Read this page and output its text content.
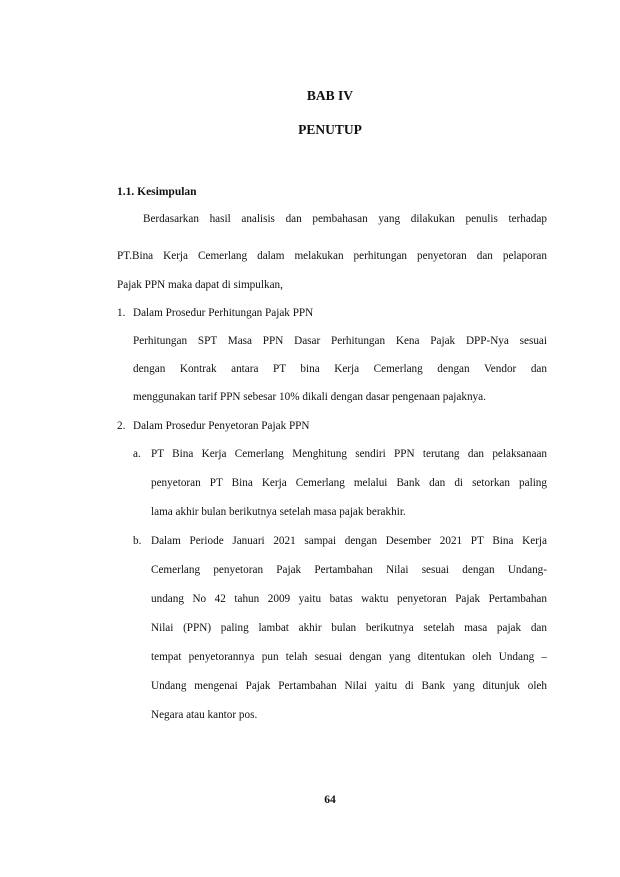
BAB IV
PENUTUP
1.1. Kesimpulan
Berdasarkan hasil analisis dan pembahasan yang dilakukan penulis terhadap
PT.Bina Kerja Cemerlang dalam melakukan perhitungan penyetoran dan pelaporan
Pajak PPN maka dapat di simpulkan,
1. Dalam Prosedur Perhitungan Pajak PPN
Perhitungan SPT Masa PPN Dasar Perhitungan Kena Pajak DPP-Nya sesuai
dengan Kontrak antara PT bina Kerja Cemerlang dengan Vendor dan
menggunakan tarif PPN sebesar 10% dikali dengan dasar pengenaan pajaknya.
2. Dalam Prosedur Penyetoran Pajak PPN
a. PT Bina Kerja Cemerlang Menghitung sendiri PPN terutang dan pelaksanaan
penyetoran PT Bina Kerja Cemerlang melalui Bank dan di setorkan paling
lama akhir bulan berikutnya setelah masa pajak berakhir.
b. Dalam Periode Januari 2021 sampai dengan Desember 2021 PT Bina Kerja
Cemerlang penyetoran Pajak Pertambahan Nilai sesuai dengan Undang-
undang No 42 tahun 2009 yaitu batas waktu penyetoran Pajak Pertambahan
Nilai (PPN) paling lambat akhir bulan berikutnya setelah masa pajak dan
tempat penyetorannya pun telah sesuai dengan yang ditentukan oleh Undang –
Undang mengenai Pajak Pertambahan Nilai yaitu di Bank yang ditunjuk oleh
Negara atau kantor pos.
64
